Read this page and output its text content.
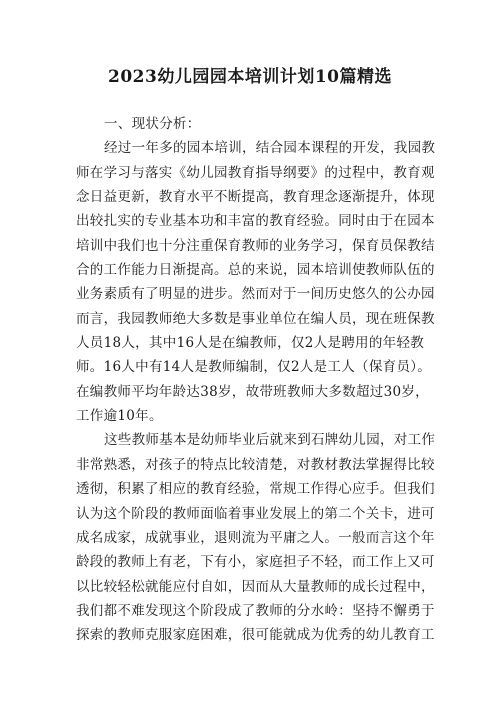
2023幼儿园园本培训计划10篇精选
一、现状分析：
经过一年多的园本培训，结合园本课程的开发，我园教
师在学习与落实《幼儿园教育指导纲要》的过程中，教育观
念日益更新，教育水平不断提高，教育理念逐渐提升，体现
出较扎实的专业基本功和丰富的教育经验。同时由于在园本
培训中我们也十分注重保育教师的业务学习，保育员保教结
合的工作能力日渐提高。总的来说，园本培训使教师队伍的
业务素质有了明显的进步。然而对于一间历史悠久的公办园
而言，我园教师绝大多数是事业单位在编人员，现在班保教
人员18人，其中16人是在编教师，仅2人是聘用的年轻教
师。16人中有14人是教师编制，仅2人是工人（保育员）。
在编教师平均年龄达38岁，故带班教师大多数超过30岁，
工作逾10年。
这些教师基本是幼师毕业后就来到石牌幼儿园，对工作
非常熟悉，对孩子的特点比较清楚，对教材教法掌握得比较
透彻，积累了相应的教育经验，常规工作得心应手。但我们
认为这个阶段的教师面临着事业发展上的第二个关卡，进可
成名成家，成就事业，退则流为平庸之人。一般而言这个年
龄段的教师上有老，下有小，家庭担子不轻，而工作上又可
以比较轻松就能应付自如，因而从大量教师的成长过程中，
我们都不难发现这个阶段成了教师的分水岭：坚持不懈勇于
探索的教师克服家庭困难，很可能就成为优秀的幼儿教育工
